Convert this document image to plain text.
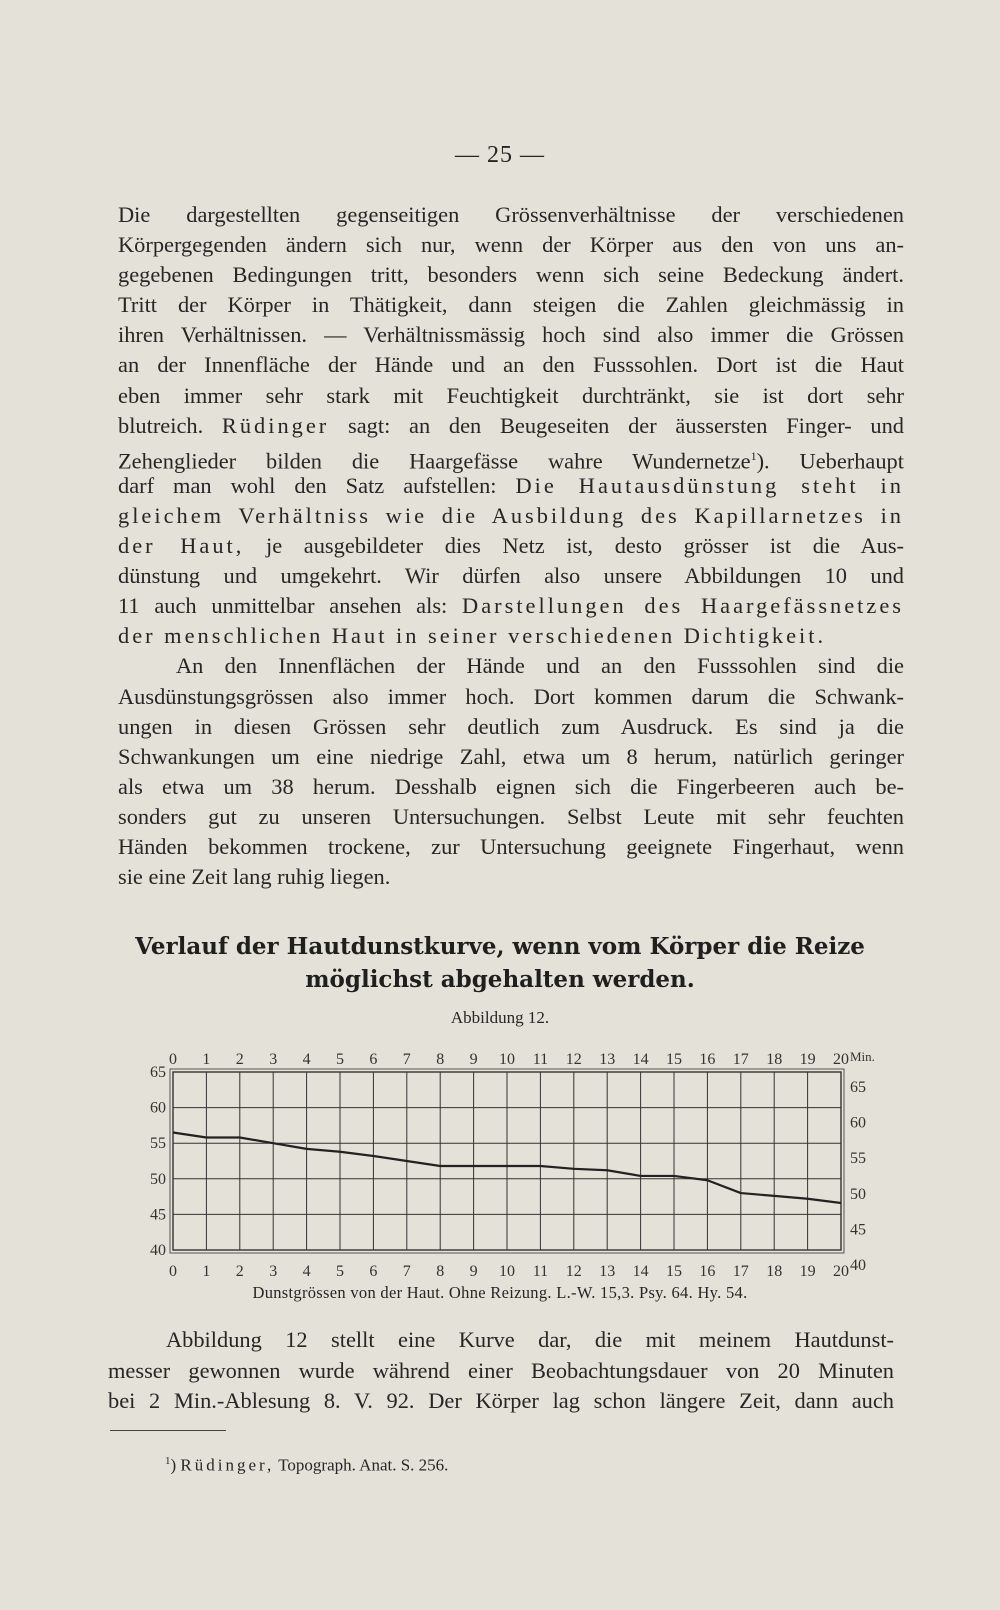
— 25 —
Die dargestellten gegenseitigen Grössenverhältnisse der verschiedenen
Körpergegenden ändern sich nur, wenn der Körper aus den von uns an-
gegebenen Bedingungen tritt, besonders wenn sich seine Bedeckung ändert.
Tritt der Körper in Thätigkeit, dann steigen die Zahlen gleichmässig in
ihren Verhältnissen. — Verhältnissmässig hoch sind also immer die Grössen
an der Innenfläche der Hände und an den Fusssohlen. Dort ist die Haut
eben immer sehr stark mit Feuchtigkeit durchtränkt, sie ist dort sehr
blutreich. Rüdinger sagt: an den Beugeseiten der äussersten Finger- und
Zehenglieder bilden die Haargefässe wahre Wundernetze$^1$). Ueberhaupt
darf man wohl den Satz aufstellen: Die Hautausdünstung steht in
gleichem Verhältniss wie die Ausbildung des Kapillarnetzes in
der Haut, je ausgebildeter dies Netz ist, desto grösser ist die Aus-
dünstung und umgekehrt. Wir dürfen also unsere Abbildungen 10 und
11 auch unmittelbar ansehen als: Darstellungen des Haargefässnetzes
der menschlichen Haut in seiner verschiedenen Dichtigkeit.
An den Innenflächen der Hände und an den Fusssohlen sind die
Ausdünstungsgrössen also immer hoch. Dort kommen darum die Schwank-
ungen in diesen Grössen sehr deutlich zum Ausdruck. Es sind ja die
Schwankungen um eine niedrige Zahl, etwa um 8 herum, natürlich geringer
als etwa um 38 herum. Desshalb eignen sich die Fingerbeeren auch be-
sonders gut zu unseren Untersuchungen. Selbst Leute mit sehr feuchten
Händen bekommen trockene, zur Untersuchung geeignete Fingerhaut, wenn
sie eine Zeit lang ruhig liegen.
Verlauf der Hautdunstkurve, wenn vom Körper die Reize
möglichst abgehalten werden.
Abbildung 12.
0
0
1
1
2
2
3
3
4
4
5
5
6
6
7
7
8
8
9
9
10
10
11
11
12
12
13
13
14
14
15
15
16
16
17
17
18
18
19
19
20
20
Min.
40
40
45
45
50
50
55
55
60
60
65
65
Dunstgrössen von der Haut. Ohne Reizung. L.-W. 15,3. Psy. 64. Hy. 54.
Abbildung 12 stellt eine Kurve dar, die mit meinem Hautdunst-
messer gewonnen wurde während einer Beobachtungsdauer von 20 Minuten
bei 2 Min.-Ablesung 8. V. 92. Der Körper lag schon längere Zeit, dann auch
$^1$) Rüdinger, Topograph. Anat. S. 256.
